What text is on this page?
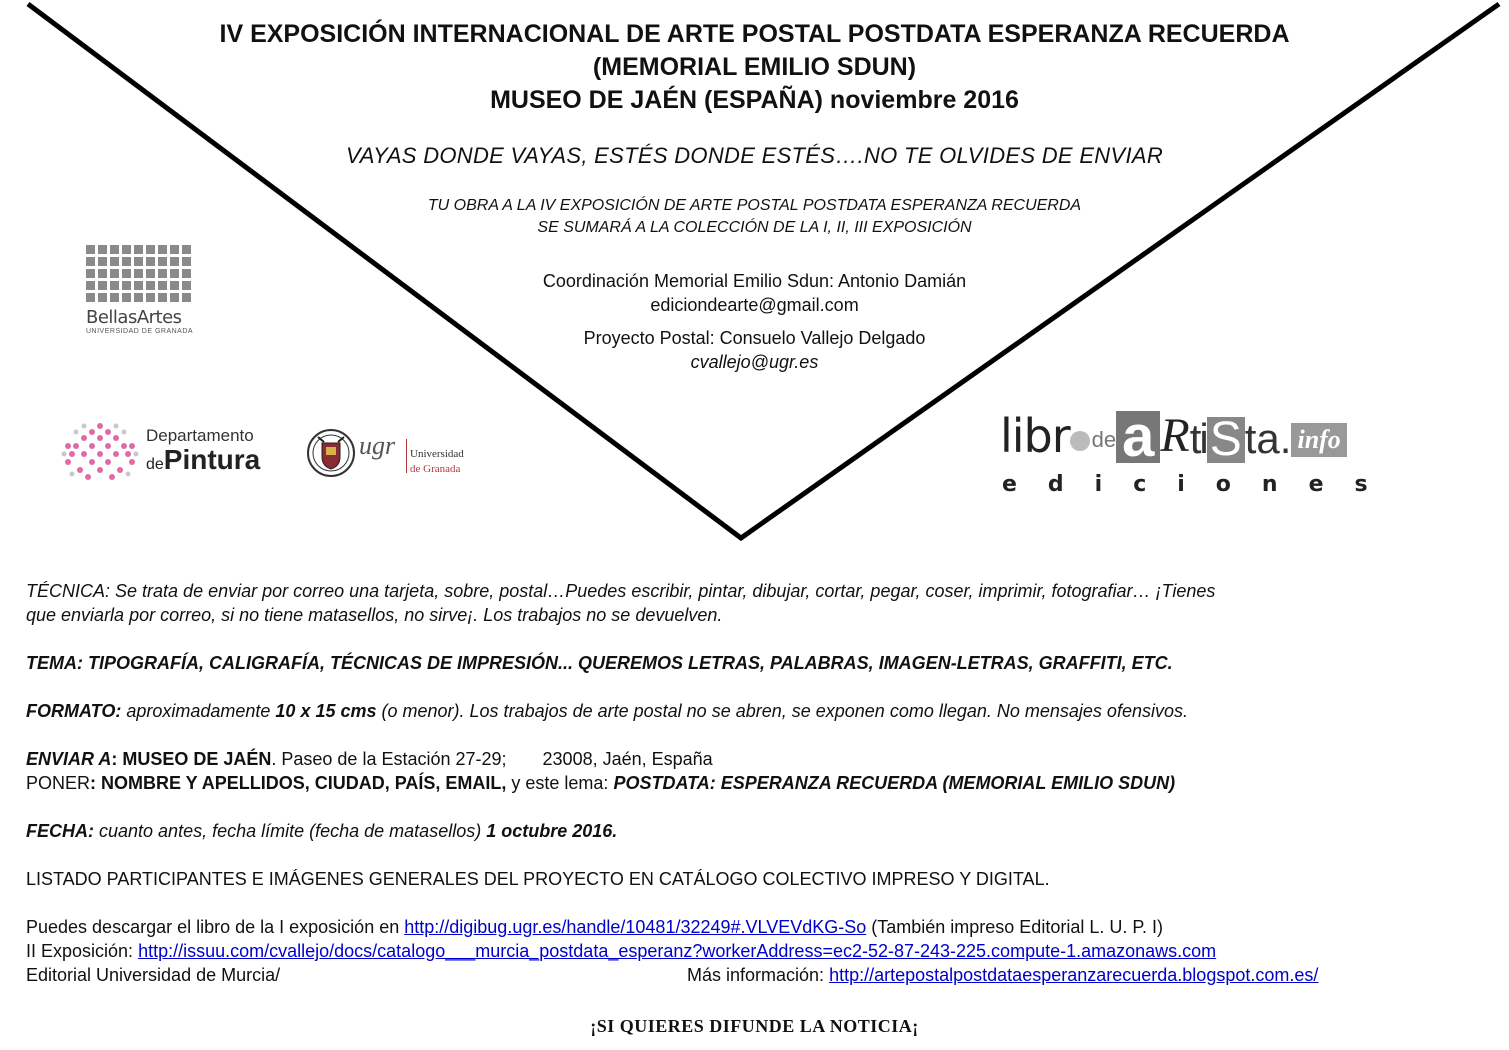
IV EXPOSICIÓN INTERNACIONAL DE ARTE POSTAL POSTDATA ESPERANZA RECUERDA
(MEMORIAL EMILIO SDUN)
MUSEO DE JAÉN (ESPAÑA) noviembre 2016
VAYAS DONDE VAYAS, ESTÉS DONDE ESTÉS….NO TE OLVIDES DE ENVIAR
TU OBRA A LA IV EXPOSICIÓN DE ARTE POSTAL POSTDATA ESPERANZA RECUERDA
SE SUMARÁ A LA COLECCIÓN DE LA I, II, III EXPOSICIÓN
Coordinación Memorial Emilio Sdun: Antonio Damián
ediciondearte@gmail.com
Proyecto Postal: Consuelo Vallejo Delgado
cvallejo@ugr.es
BellasArtes
UNIVERSIDAD DE GRANADA
Departamento
dePintura	ugr Universidad
de Granada
libr de a RtiSta. info
ediciones

TÉCNICA: Se trata de enviar por correo una tarjeta, sobre, postal…Puedes escribir, pintar, dibujar, cortar, pegar, coser, imprimir, fotografiar… ¡Tienes

que enviarla por correo, si no tiene matasellos, no sirve¡. Los trabajos no se devuelven.

TEMA: TIPOGRAFÍA, CALIGRAFÍA, TÉCNICAS DE IMPRESIÓN... QUEREMOS LETRAS, PALABRAS, IMAGEN-LETRAS, GRAFFITI, ETC.

FORMATO: aproximadamente 10 x 15 cms (o menor). Los trabajos de arte postal no se abren, se exponen como llegan. No mensajes ofensivos.

ENVIAR A: MUSEO DE JAÉN. Paseo de la Estación 27-29; 23008, Jaén, España

PONER: NOMBRE Y APELLIDOS, CIUDAD, PAÍS, EMAIL, y este lema: POSTDATA: ESPERANZA RECUERDA (MEMORIAL EMILIO SDUN)

FECHA: cuanto antes, fecha límite (fecha de matasellos) 1 octubre 2016.

LISTADO PARTICIPANTES E IMÁGENES GENERALES DEL PROYECTO EN CATÁLOGO COLECTIVO IMPRESO Y DIGITAL.

Puedes descargar el libro de la I exposición en http://digibug.ugr.es/handle/10481/32249#.VLVEVdKG-So (También impreso Editorial L. U. P. I)

II Exposición: http://issuu.com/cvallejo/docs/catalogo___murcia_postdata_esperanz?workerAddress=ec2-52-87-243-225.compute-1.amazonaws.com

Editorial Universidad de Murcia/	Más información: http://artepostalpostdataesperanzarecuerda.blogspot.com.es/

¡SI QUIERES DIFUNDE LA NOTICIA¡
